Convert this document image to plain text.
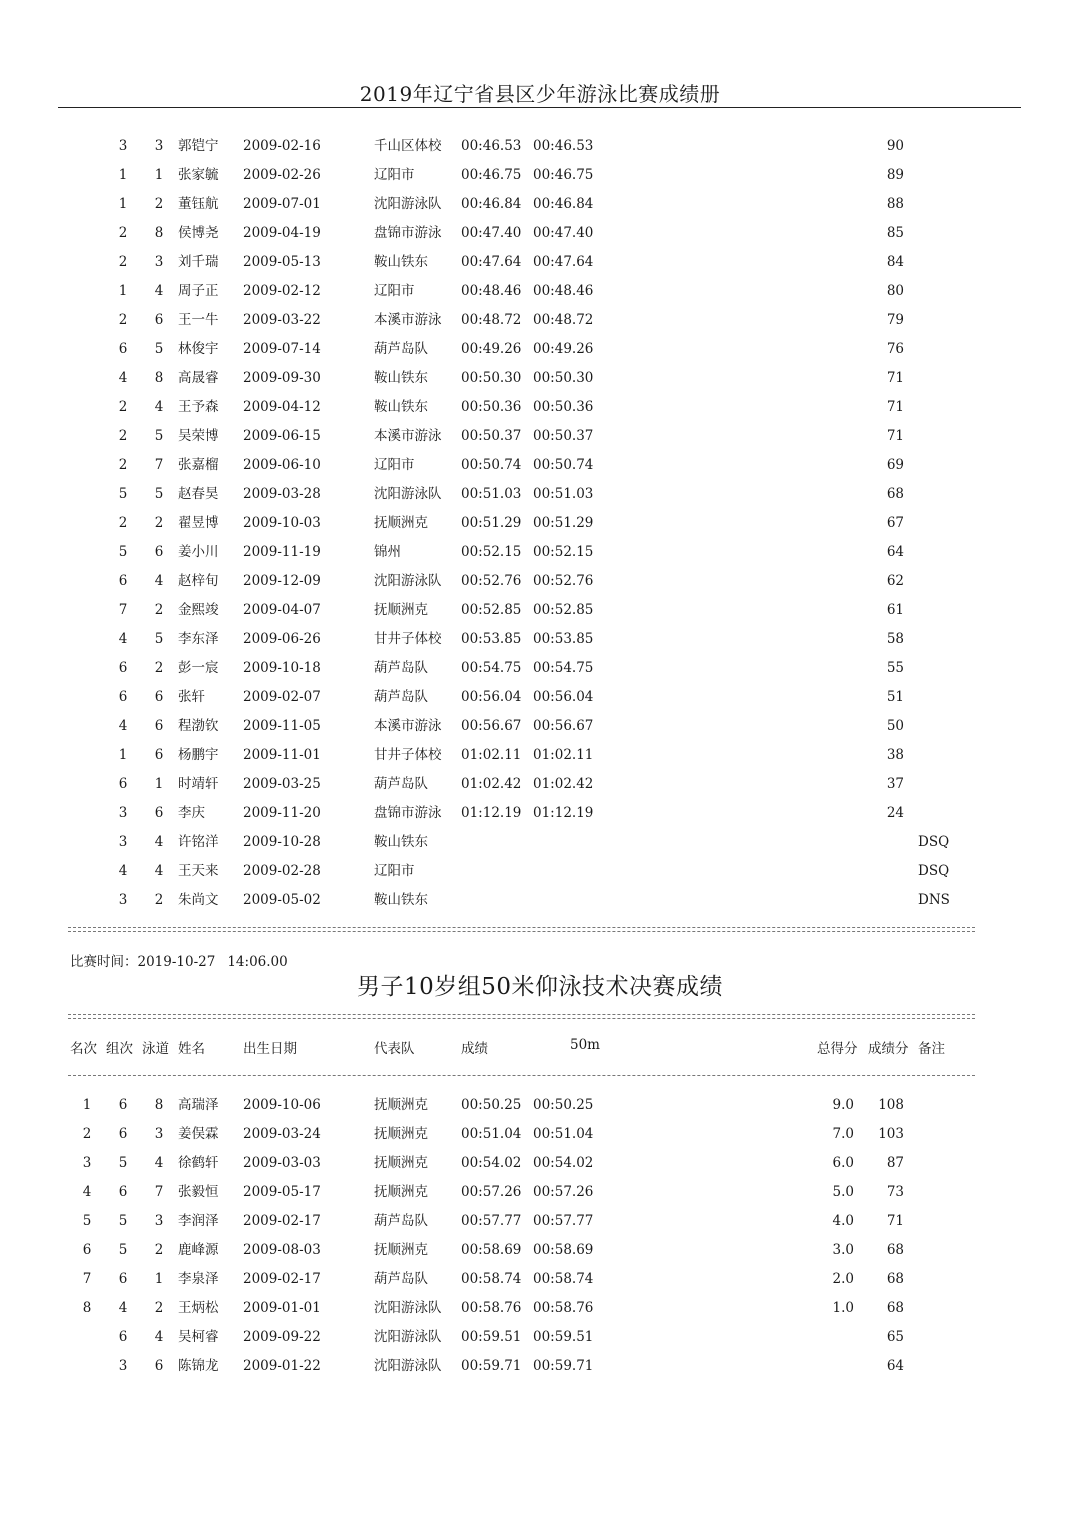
2019年辽宁省县区少年游泳比赛成绩册
3 3 郭铠宁 2009-02-16	千山区体校 00:46.53 00:46.53	90
1 1 张家毓 2009-02-26	辽阳市	00:46.75 00:46.75	89
1 2 董钰航 2009-07-01	沈阳游泳队 00:46.84 00:46.84	88
2 8 侯博尧 2009-04-19	盘锦市游泳 00:47.40 00:47.40	85
2 3 刘千瑞 2009-05-13	鞍山铁东 00:47.64 00:47.64	84
1 4 周子正 2009-02-12	辽阳市	00:48.46 00:48.46	80
2 6 王一牛 2009-03-22	本溪市游泳 00:48.72 00:48.72	79
6 5 林俊宇 2009-07-14	葫芦岛队 00:49.26 00:49.26	76
4 8 高晟睿 2009-09-30	鞍山铁东 00:50.30 00:50.30	71
2 4 王予森 2009-04-12	鞍山铁东 00:50.36 00:50.36	71
2 5 吴荣博 2009-06-15	本溪市游泳 00:50.37 00:50.37	71
2 7 张嘉榴 2009-06-10	辽阳市	00:50.74 00:50.74	69
5 5 赵春昊 2009-03-28	沈阳游泳队 00:51.03 00:51.03	68
2 2 翟昱博 2009-10-03	抚顺洲克 00:51.29 00:51.29	67
5 6 姜小川 2009-11-19	锦州	00:52.15 00:52.15	64
6 4 赵梓旬 2009-12-09	沈阳游泳队 00:52.76 00:52.76	62
7 2 金熙竣 2009-04-07	抚顺洲克 00:52.85 00:52.85	61
4 5 李东泽 2009-06-26	甘井子体校 00:53.85 00:53.85	58
6 2 彭一宸 2009-10-18	葫芦岛队 00:54.75 00:54.75	55
6 6 张轩	2009-02-07	葫芦岛队 00:56.04 00:56.04	51
4 6 程渤钦 2009-11-05	本溪市游泳 00:56.67 00:56.67	50
1 6 杨鹏宇 2009-11-01	甘井子体校 01:02.11 01:02.11	38
6 1 时靖轩 2009-03-25	葫芦岛队 01:02.42 01:02.42	37
3 6 李庆	2009-11-20	盘锦市游泳 01:12.19 01:12.19	24
3 4 许铭洋 2009-10-28	鞍山铁东	DSQ
4 4 王天来 2009-02-28	辽阳市	DSQ
3 2 朱尚文 2009-05-02	鞍山铁东	DNS
比赛时间：2019-10-27 14:06.00
男子10岁组50米仰泳技术决赛成绩
名次 组次 泳道 姓名	出生日期	代表队	成绩	50m	总得分 成绩分 备注
1 6 8 高瑞泽 2009-10-06	抚顺洲克 00:50.25 00:50.25	9.0 108
2 6 3 姜俣霖 2009-03-24	抚顺洲克 00:51.04 00:51.04	7.0 103
3 5 4 徐鹤轩 2009-03-03	抚顺洲克 00:54.02 00:54.02	6.0	87
4 6 7 张毅恒 2009-05-17	抚顺洲克 00:57.26 00:57.26	5.0	73
5 5 3 李润泽 2009-02-17	葫芦岛队 00:57.77 00:57.77	4.0	71
6 5 2 鹿峰源 2009-08-03	抚顺洲克 00:58.69 00:58.69	3.0	68
7 6 1 李泉泽 2009-02-17	葫芦岛队 00:58.74 00:58.74	2.0	68
8 4 2 王炳松 2009-01-01	沈阳游泳队 00:58.76 00:58.76	1.0	68
6 4 吴柯睿 2009-09-22	沈阳游泳队 00:59.51 00:59.51	65
3 6 陈锦龙 2009-01-22	沈阳游泳队 00:59.71 00:59.71	64
